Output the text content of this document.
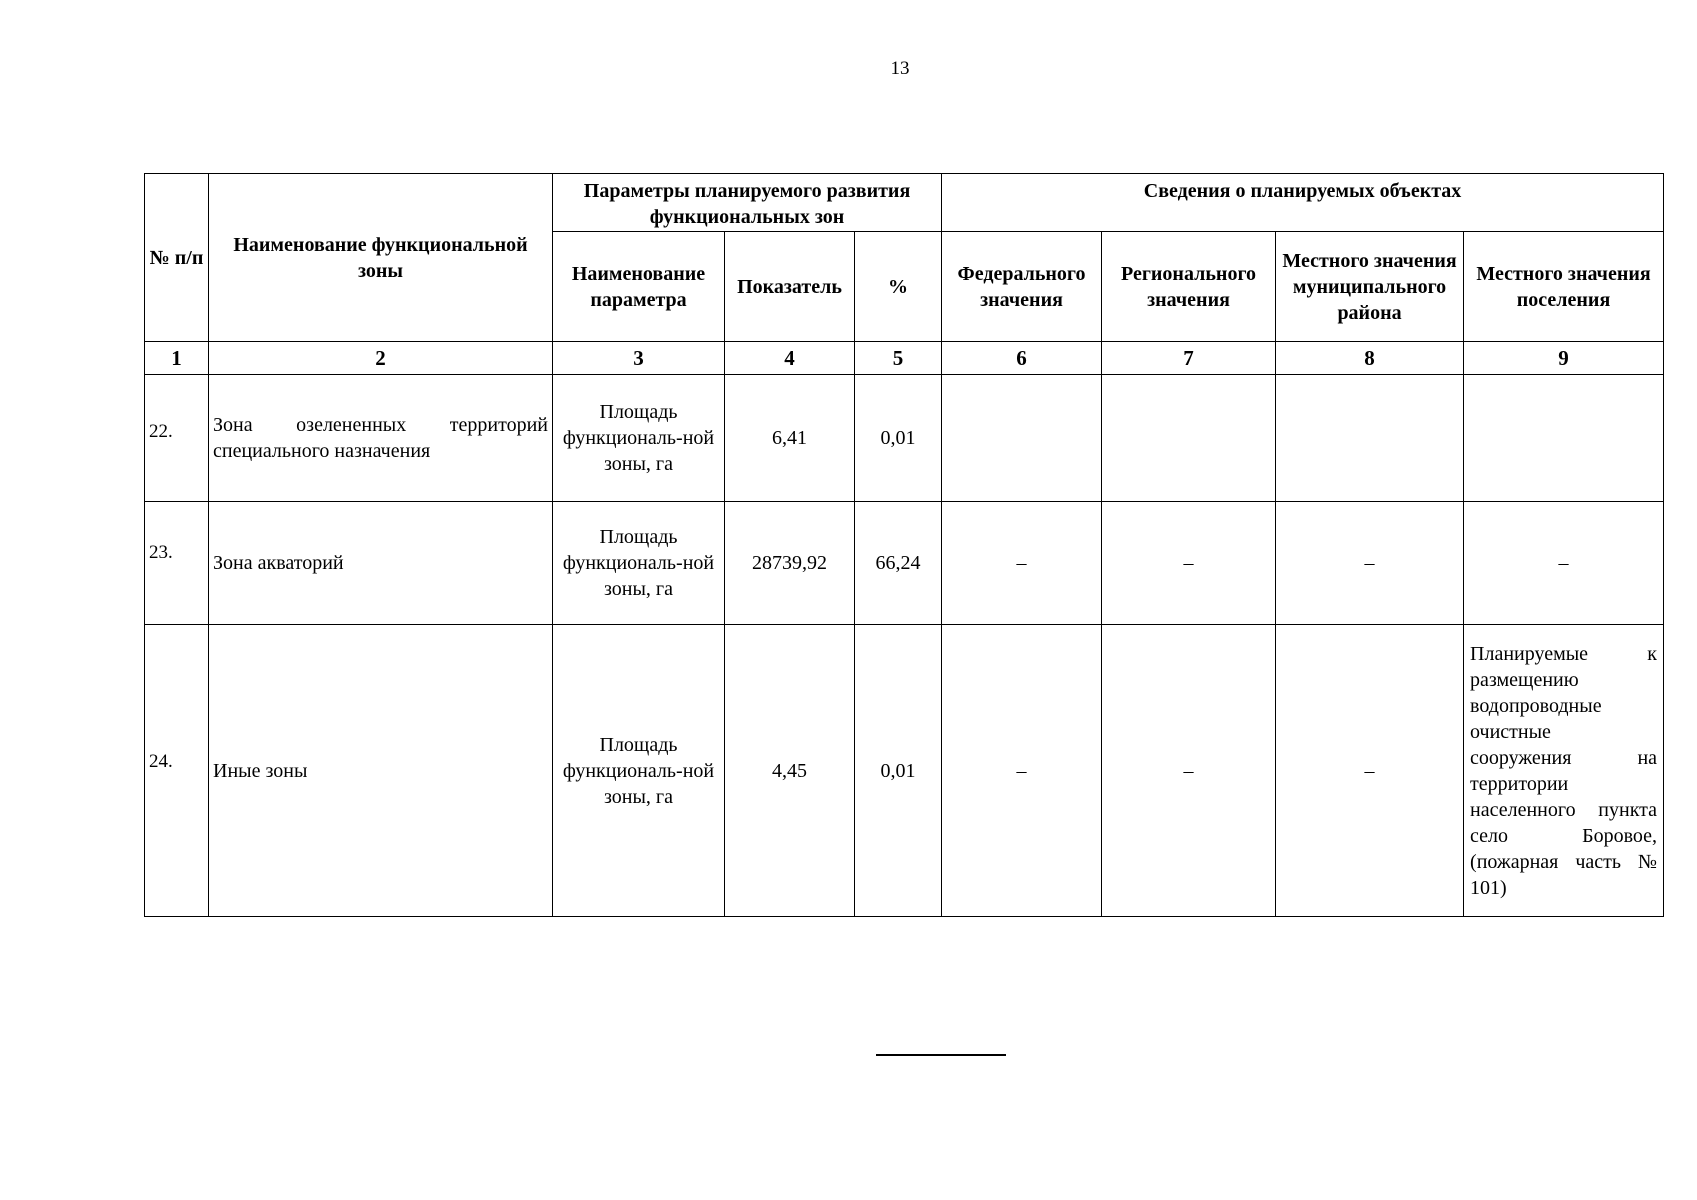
13
№ п/п	Наименование функциональной зоны	Параметры планируемого развития функциональных зон			Сведения о планируемых объектах			
		Наименование параметра	Показатель	%	Федерального значения	Регионального значения	Местного значения муниципального района	Местного значения поселения
1	2	3	4	5	6	7	8	9
22.	Зона озелененных территорий специального назначения	Площадь функциональ-ной зоны, га	6,41	0,01				
23.	Зона акваторий	Площадь функциональ-ной зоны, га	28739,92	66,24	–	–	–	–
24.	Иные зоны	Площадь функциональ-ной зоны, га	4,45	0,01	–	–	–	Планируемые к размещению водопроводные очистные сооружения на территории населенного пункта село Боровое, (пожарная часть № 101)
